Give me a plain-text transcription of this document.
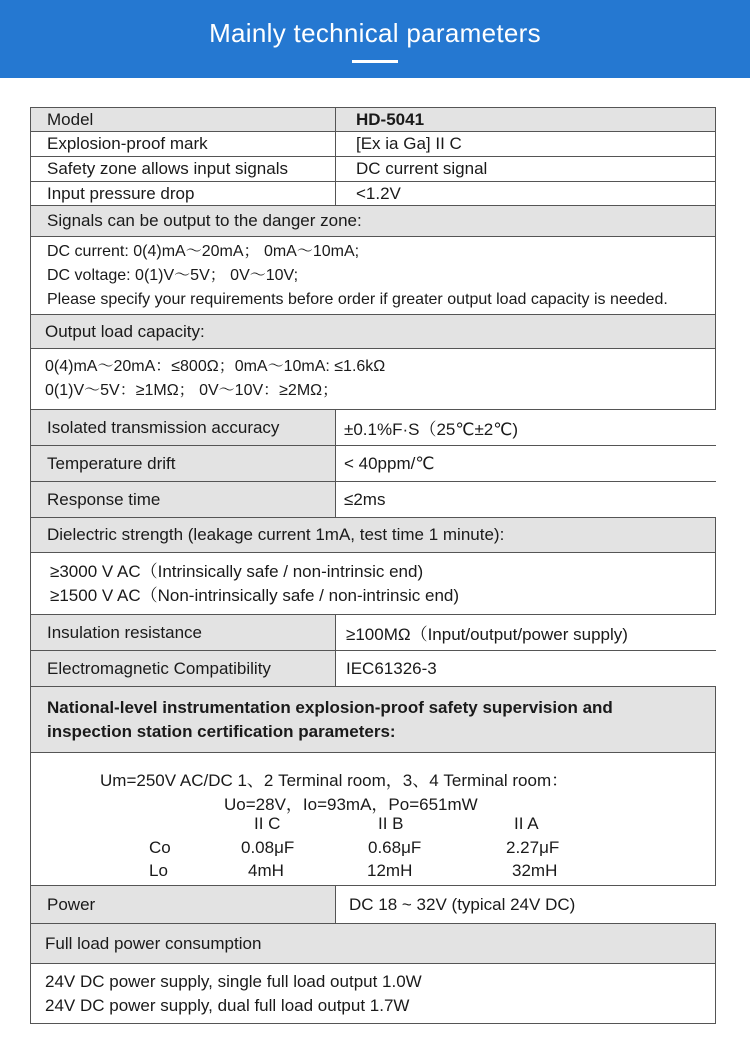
Mainly technical parameters
Model	HD-5041
Explosion-proof mark	[Ex ia Ga] II C
Safety zone allows input signals	DC current signal
Input pressure drop	<1.2V
Signals can be output to the danger zone:
DC current: 0(4)mA～20mA； 0mA～10mA;
DC voltage: 0(1)V～5V； 0V～10V;
Please specify your requirements before order if greater output load capacity is needed.
Output load capacity:
0(4)mA～20mA：≤800Ω；0mA～10mA: ≤1.6kΩ
0(1)V～5V：≥1MΩ； 0V～10V：≥2MΩ；
Isolated transmission accuracy	±0.1%F·S（25℃±2℃)
Temperature drift	< 40ppm/℃
Response time	≤2ms
Dielectric strength (leakage current 1mA, test time 1 minute):
≥3000 V AC（Intrinsically safe / non-intrinsic end)
≥1500 V AC（Non-intrinsically safe / non-intrinsic end)
Insulation resistance	≥100MΩ（Input/output/power supply)
Electromagnetic Compatibility	IEC61326-3
National-level instrumentation explosion-proof safety supervision and
inspection station certification parameters:
Um=250V AC/DC 1、2 Terminal room，3、4 Terminal room：
Uo=28V，Io=93mA，Po=651mW
II C	II B	II A
Co	0.08μF	0.68μF	2.27μF
Lo	4mH	12mH	32mH
Power	DC 18 ~ 32V (typical 24V DC)
Full load power consumption
24V DC power supply, single full load output 1.0W
24V DC power supply, dual full load output 1.7W
